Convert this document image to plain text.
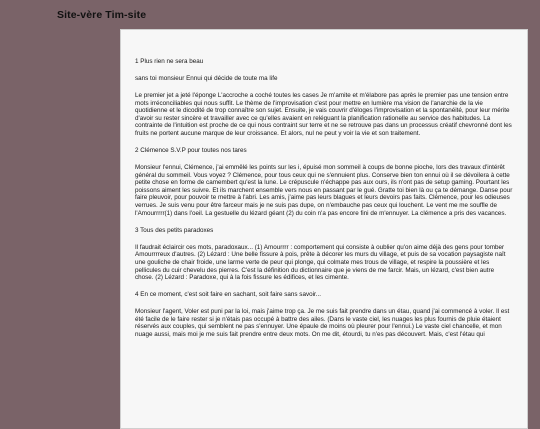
Site-vère Tim-site

1 Plus rien ne sera beau

sans toi monsieur Ennui qui décide de toute ma life

Le premier jet a jeté l'éponge L'accroche a coché toutes les cases Je m'amite et m'élabore pas après le premier pas une tension entre mots irréconciliables qui nous suffit. Le thème de l'improvisation c'est pour mettre en lumière ma vision de l'anarchie de la vie quotidienne et le dicodité de trop connaître son sujet. Ensuite, je vais couvrir d'éloges l'improvisation et la spontanéité, pour leur mérite d'avoir su rester sincère et travailler avec ce qu'elles avaient en reléguant la planification rationelle au service des habitudes. La contrainte de l'intuition est proche de ce qui nous contraint sur terre et ne se retrouve pas dans un processus créatif chevronné dont les fruits ne portent aucune marque de leur croissance. Et alors, nul ne peut y voir la vie et son traitement.

2 Clémence S.V.P pour toutes nos tares

Monsieur l'ennui, Clémence, j'ai emmêlé les points sur les i, épuisé mon sommeil à coups de bonne pioche, lors des travaux d'intérêt général du sommeil. Vous voyez ? Clémence, pour tous ceux qui ne s'ennuient plus. Conserve bien ton ennui où il se dévoilera à cette petite chose en forme de camembert qu'est la lune. Le crépuscule n'échappe pas aux ours, ils n'ont pas de setup gaming. Pourtant les poissons aiment les suivre. Et ils marchent ensemble vers nous en passant par le gué. Gratte toi bien là ou ça te démange. Danse pour faire pleuvoir, pour pouvoir te mettre à l'abri. Les amis, j'aime pas leurs blagues et leurs devoirs pas faits. Clémence, pour les odieuses verrues. Je suis venu pour être farceur mais je ne suis pas dupe, on n'embauche pas ceux qui louchent. Le vent me me souffle de l'Amourrrrr(1) dans l'oeil. La gestuelle du lézard géant (2) du coin n'a pas encore fini de m'ennuyer. La clémence a pris des vacances.

3 Tous des petits paradoxes

Il faudrait éclaircir ces mots, paradoxaux... (1) Amourrrr : comportement qui consiste à oublier qu'on aime déjà des gens pour tomber Amourrrreux d'autres. (2) Lézard : Une belle fissure à pois, prête à décorer les murs du village, et puis de sa vocation paysagiste naît une gouliche de chair froide, une larme verte de peur qui plonge, qui colmate mes trous de village, et respire la poussière et les pellicules du cuir chevelu des pierres. C'est la définition du dictionnaire que je viens de me farcir. Mais, un lézard, c'est bien autre chose. (2) Lézard : Paradoxe, qui à la fois fissure les édifices, et les cimente.

4 En ce moment, c'est soit faire en sachant, soit faire sans savoir...

Monsieur l'agent, Voler est puni par la loi, mais j'aime trop ça. Je me suis fait prendre dans un étau, quand j'ai commencé à voler. Il est été facile de le faire rester si je n'étais pas occupé à battre des ailes. (Dans le vaste ciel, les nuages les plus fournis de pluie étaient réservés aux couples, qui semblent ne pas s'ennuyer. Une épaule de moins où pleurer pour l'ennui.) Le vaste ciel chancelle, et mon nuage aussi, mais moi je me suis fait prendre entre deux mots. On me dit, étourdi, tu n'es pas découvert. Mais, c'est l'étau qui
